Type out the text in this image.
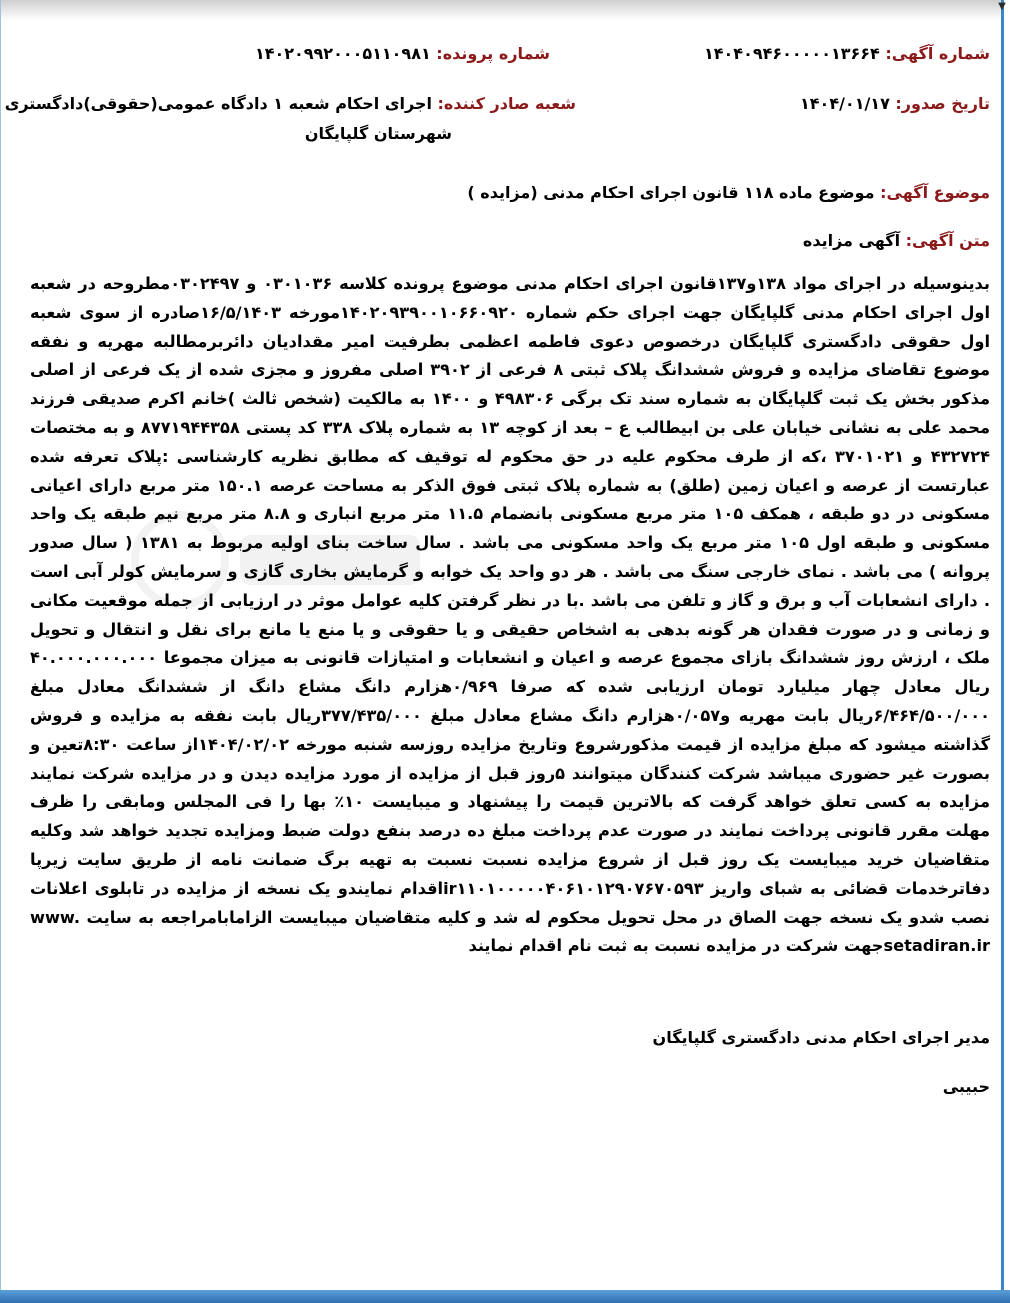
شماره آگهی: ۱۴۰۴۰۹۴۶۰۰۰۰۰۱۳۶۶۴
شماره پرونده: ۱۴۰۲۰۹۹۲۰۰۰۵۱۱۰۹۸۱
تاریخ صدور: ۱۴۰۴/۰۱/۱۷
شعبه صادر کننده: اجرای احکام شعبه ۱ دادگاه عمومی(حقوقی)دادگستری
شهرستان گلپایگان
موضوع آگهی: موضوع ماده ۱۱۸ قانون اجرای احکام مدنی (مزایده )
متن آگهی: آگهی مزایده
بدینوسیله در اجرای مواد ۱۳۸و۱۳۷قانون اجرای احکام مدنی موضوع پرونده کلاسه ۰۳۰۱۰۳۶ و ۰۳۰۲۴۹۷مطروحه در شعبه اول اجرای احکام مدنی گلپایگان جهت اجرای حکم شماره ۱۴۰۲۰۹۳۹۰۰۱۰۶۶۰۹۲۰مورخه ۱۶/۵/۱۴۰۳صادره از سوی شعبه اول حقوقی دادگستری گلپایگان درخصوص دعوی فاطمه اعظمی بطرفیت امیر مقدادیان دائربرمطالبه مهریه و نفقه موضوع تقاضای مزایده و فروش ششدانگ پلاک ثبتی ۸ فرعی از ۳۹۰۲ اصلی مفروز و مجزی شده از یک فرعی از اصلی مذکور بخش یک ثبت گلپایگان به شماره سند تک برگی ۴۹۸۳۰۶ و ۱۴۰۰ به مالکیت (شخص ثالث )خانم اکرم صدیقی فرزند محمد علی به نشانی خیابان علی بن ابیطالب ع – بعد از کوچه ۱۳ به شماره پلاک ۳۳۸ کد پستی ۸۷۷۱۹۴۴۳۵۸ و به مختصات ۴۳۲۷۲۴ و ۳۷۰۱۰۲۱ ،که از طرف محکوم علیه در حق محکوم له توقیف که مطابق نظریه کارشناسی :پلاک تعرفه شده عبارتست از عرصه و اعیان زمین (طلق) به شماره پلاک ثبتی فوق الذکر به مساحت عرصه ۱۵۰.۱ متر مربع دارای اعیانی مسکونی در دو طبقه ، همکف ۱۰۵ متر مربع مسکونی بانضمام ۱۱.۵ متر مربع انباری و ۸.۸ متر مربع نیم طبقه یک واحد مسکونی و طبقه اول ۱۰۵ متر مربع یک واحد مسکونی می باشد . سال ساخت بنای اولیه مربوط به ۱۳۸۱ ( سال صدور پروانه ) می باشد . نمای خارجی سنگ می باشد . هر دو واحد یک خوابه و گرمایش بخاری گازی و سرمایش کولر آبی است . دارای انشعابات آب و برق و گاز و تلفن می باشد .با در نظر گرفتن کلیه عوامل موثر در ارزیابی از جمله موقعیت مکانی و زمانی و در صورت فقدان هر گونه بدهی به اشخاص حقیقی و یا حقوقی و یا منع یا مانع برای نقل و انتقال و تحویل ملک ، ارزش روز ششدانگ بازای مجموع عرصه و اعیان و انشعابات و امتیازات قانونی به میزان مجموعا ۴۰.۰۰۰.۰۰۰.۰۰۰ ریال معادل چهار میلیارد تومان ارزیابی شده که صرفا ۰/۹۶۹هزارم دانگ مشاع دانگ از ششدانگ معادل مبلغ ۶/۴۶۴/۵۰۰/۰۰۰ریال بابت مهریه و۰/۰۵۷هزارم دانگ مشاع معادل مبلغ ۳۷۷/۴۳۵/۰۰۰ریال بابت نفقه به مزایده و فروش گذاشته میشود که مبلغ مزایده از قیمت مذکورشروع وتاریخ مزایده روزسه شنبه مورخه ۱۴۰۴/۰۲/۰۲از ساعت ۸:۳۰تعین و بصورت غیر حضوری میباشد شرکت کنندگان میتوانند ۵روز قبل از مزایده از مورد مزایده دیدن و در مزایده شرکت نمایند مزایده به کسی تعلق خواهد گرفت که بالاترین قیمت را پیشنهاد و میبایست ۱۰٪ بها را فی المجلس ومابقی را ظرف مهلت مقرر قانونی پرداخت نمایند در صورت عدم پرداخت مبلغ ده درصد بنفع دولت ضبط ومزایده تجدید خواهد شد وکلیه متقاضیان خرید میبایست یک روز قبل از شروع مزایده نسبت نسبت به تهیه برگ ضمانت نامه از طریق سایت زیرپا دفاترخدمات قضائی به شبای واریز ir۱۱۰۱۰۰۰۰۰۴۰۶۱۰۱۲۹۰۷۶۷۰۵۹۳اقدام نمایندو یک نسخه از مزایده در تابلوی اعلانات نصب شدو یک نسخه جهت الصاق در محل تحویل محکوم له شد و کلیه متقاضیان میبایست الزامابامراجعه به سایت www. setadiran.irجهت شرکت در مزایده نسبت به ثبت نام اقدام نمایند
مدیر اجرای احکام مدنی دادگستری گلپایگان
حبیبی
▼
